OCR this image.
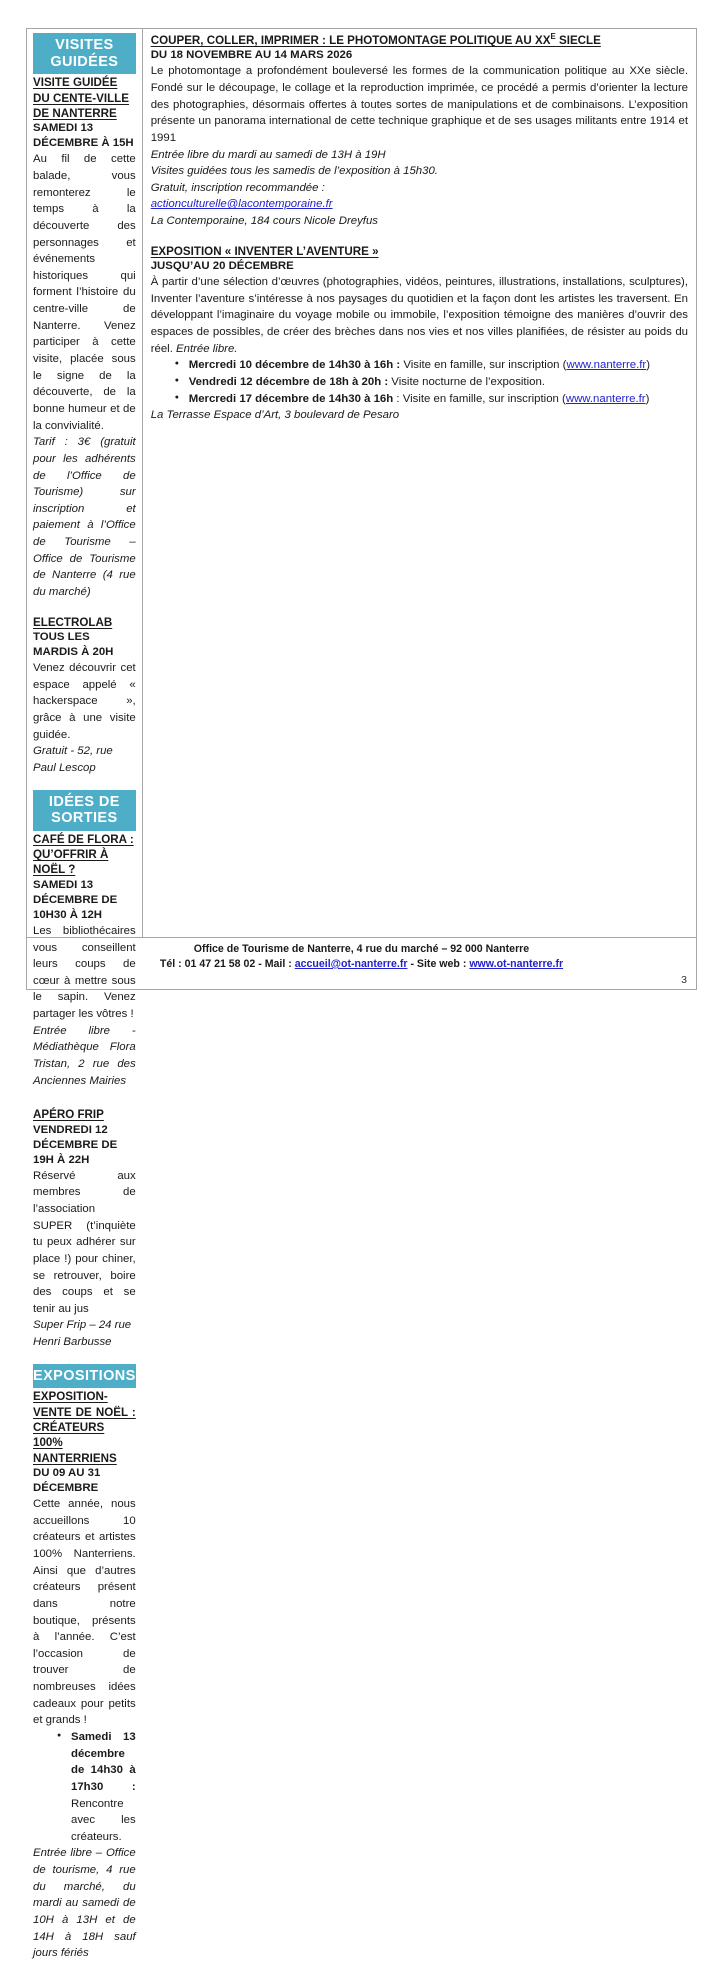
VISITES GUIDÉES
VISITE GUIDÉE DU CENTE-VILLE DE NANTERRE
SAMEDI 13 DÉCEMBRE À 15H

Au fil de cette balade, vous remonterez le temps à la découverte des personnages et événements historiques qui forment l’histoire du centre-ville de Nanterre. Venez participer à cette visite, placée sous le signe de la découverte, de la bonne humeur et de la convivialité.

Tarif : 3€ (gratuit pour les adhérents de l’Office de Tourisme) sur inscription et paiement à l’Office de Tourisme – Office de Tourisme de Nanterre (4 rue du marché)

ELECTROLAB
TOUS LES MARDIS À 20H

Venez découvrir cet espace appelé « hackerspace », grâce à une visite guidée.

Gratuit - 52, rue Paul Lescop

IDÉES DE SORTIES
CAFÉ DE FLORA : QU’OFFRIR À NOËL ?
SAMEDI 13 DÉCEMBRE DE 10H30 À 12H

Les bibliothécaires vous conseillent leurs coups de cœur à mettre sous le sapin. Venez partager les vôtres !

Entrée libre - Médiathèque Flora Tristan, 2 rue des Anciennes Mairies

APÉRO FRIP
VENDREDI 12 DÉCEMBRE DE 19H À 22H

Réservé aux membres de l’association SUPER (t’inquiète tu peux adhérer sur place !) pour chiner, se retrouver, boire des coups et se tenir au jus

Super Frip – 24 rue Henri Barbusse

EXPOSITIONS
EXPOSITION-VENTE DE NOËL : CRÉATEURS 100% NANTERRIENS
DU 09 AU 31 DÉCEMBRE

Cette année, nous accueillons 10 créateurs et artistes 100% Nanterriens. Ainsi que d’autres créateurs présent dans notre boutique, présents à l’année. C’est l’occasion de trouver de nombreuses idées cadeaux pour petits et grands !

● Samedi 13 décembre de 14h30 à 17h30 : Rencontre avec les créateurs.

Entrée libre – Office de tourisme, 4 rue du marché, du mardi au samedi de 10H à 13H et de 14H à 18H sauf jours fériés

COUPER, COLLER, IMPRIMER : LE PHOTOMONTAGE POLITIQUE AU $XX^E$ SIECLE
DU 18 NOVEMBRE AU 14 MARS 2026

Le photomontage a profondément bouleversé les formes de la communication politique au XXe siècle. Fondé sur le découpage, le collage et la reproduction imprimée, ce procédé a permis d’orienter la lecture des photographies, désormais offertes à toutes sortes de manipulations et de combinaisons. L’exposition présente un panorama international de cette technique graphique et de ses usages militants entre 1914 et 1991

Entrée libre du mardi au samedi de 13H à 19H

Visites guidées tous les samedis de l’exposition à 15h30.

Gratuit, inscription recommandée :

actionculturelle@lacontemporaine.fr

La Contemporaine, 184 cours Nicole Dreyfus

EXPOSITION « INVENTER L’AVENTURE »
JUSQU’AU 20 DÉCEMBRE

À partir d’une sélection d’œuvres (photographies, vidéos, peintures, illustrations, installations, sculptures), Inventer l’aventure s’intéresse à nos paysages du quotidien et la façon dont les artistes les traversent. En développant l’imaginaire du voyage mobile ou immobile, l’exposition témoigne des manières d’ouvrir des espaces de possibles, de créer des brèches dans nos vies et nos villes planifiées, de résister au poids du réel. Entrée libre.

● Mercredi 10 décembre de 14h30 à 16h : Visite en famille, sur inscription (www.nanterre.fr)
● Vendredi 12 décembre de 18h à 20h : Visite nocturne de l’exposition.
● Mercredi 17 décembre de 14h30 à 16h : Visite en famille, sur inscription (www.nanterre.fr)

La Terrasse Espace d’Art, 3 boulevard de Pesaro

Office de Tourisme de Nanterre, 4 rue du marché – 92 000 Nanterre
Tél : 01 47 21 58 02 - Mail : accueil@ot-nanterre.fr - Site web : www.ot-nanterre.fr
3
